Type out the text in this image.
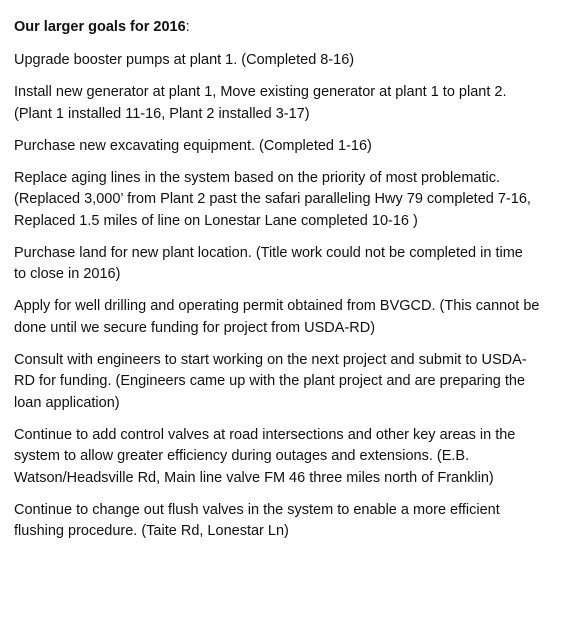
Our larger goals for 2016:
Upgrade booster pumps at plant 1. (Completed 8-16)
Install new generator at plant 1, Move existing generator at plant 1 to plant 2.
(Plant 1 installed 11-16, Plant 2 installed 3-17)
Purchase new excavating equipment. (Completed 1-16)
Replace aging lines in the system based on the priority of most problematic.
(Replaced 3,000’ from Plant 2 past the safari paralleling Hwy 79 completed 7-16,
Replaced 1.5 miles of line on Lonestar Lane completed 10-16 )
Purchase land for new plant location. (Title work could not be completed in time
to close in 2016)
Apply for well drilling and operating permit obtained from BVGCD. (This cannot be
done until we secure funding for project from USDA-RD)
Consult with engineers to start working on the next project and submit to USDA-
RD for funding. (Engineers came up with the plant project and are preparing the
loan application)
Continue to add control valves at road intersections and other key areas in the
system to allow greater efficiency during outages and extensions. (E.B.
Watson/Headsville Rd, Main line valve FM 46 three miles north of Franklin)
Continue to change out flush valves in the system to enable a more efficient
flushing procedure. (Taite Rd, Lonestar Ln)
